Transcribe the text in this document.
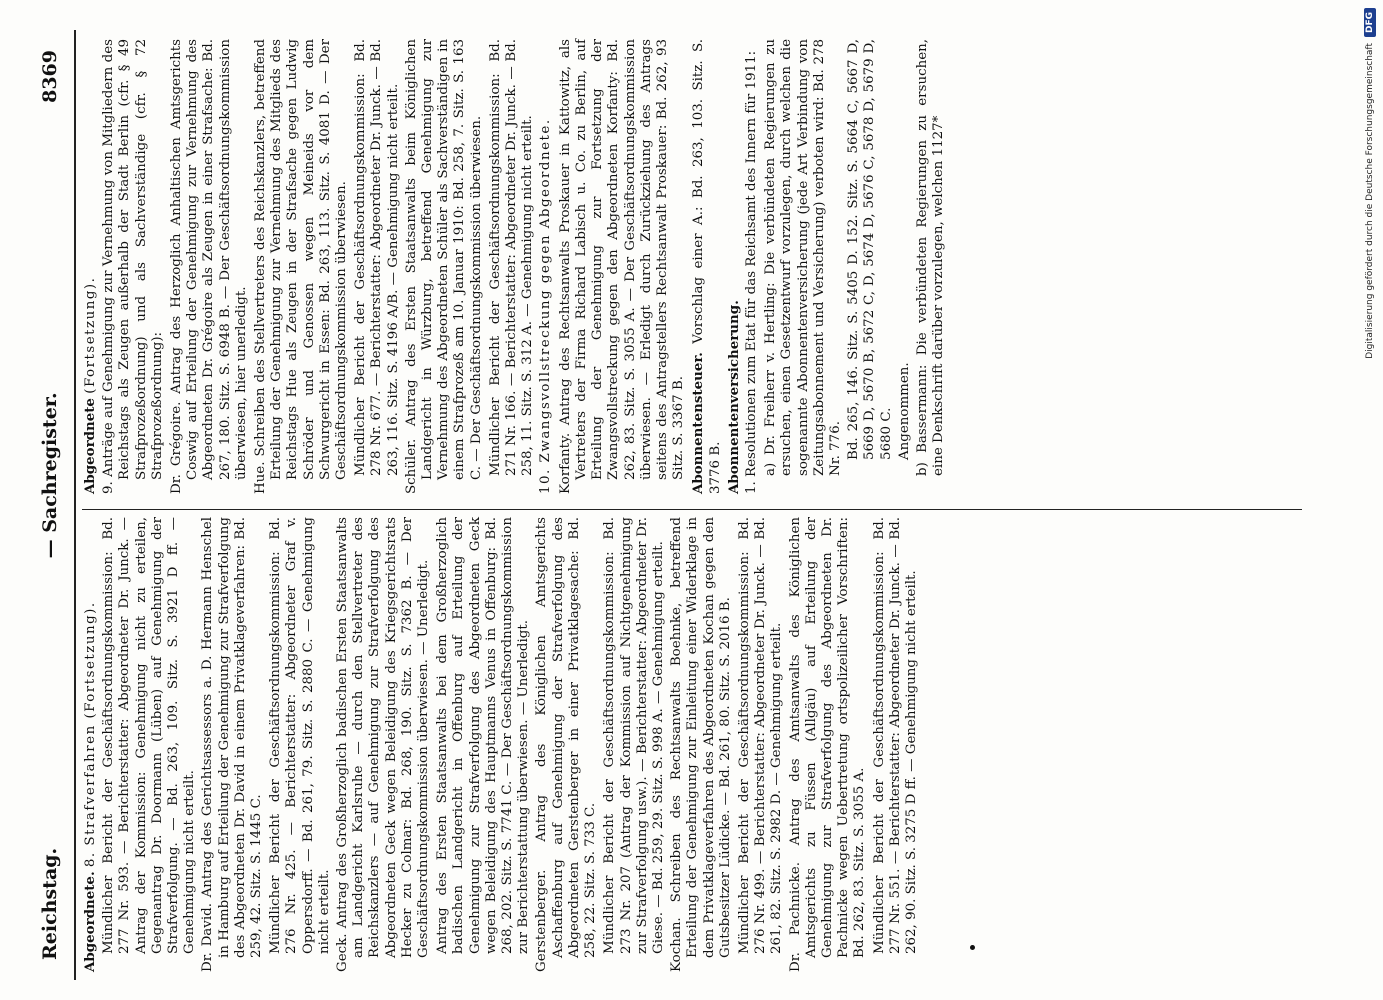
Reichstag.
— Sachregister.
8369

Abgeordnete. 8. Strafverfahren (Fortsetzung). Mündlicher Bericht der Geschäftsordnungskommission: Bd. 277 Nr. 593. — Berichterstatter: Abgeordneter Dr. Junck. — Antrag der Kommission: Genehmigung nicht zu erteilen, Gegenantrag Dr. Doormann (Lüben) auf Genehmigung der Strafverfolgung. — Bd. 263, 109. Sitz. S. 3921 D ff. — Genehmigung nicht erteilt. Dr. David. Antrag des Gerichtsassessors a. D. Hermann Henschel in Hamburg auf Erteilung der Genehmigung zur Strafverfolgung des Abgeordneten Dr. David in einem Privatklageverfahren: Bd. 259, 42. Sitz. S. 1445 C. Mündlicher Bericht der Geschäftsordnungskommission: Bd. 276 Nr. 425. — Berichterstatter: Abgeordneter Graf v. Oppersdorff. — Bd. 261, 79. Sitz. S. 2880 C. — Genehmigung nicht erteilt. Geck. Antrag des Großherzoglich badischen Ersten Staatsanwalts am Landgericht Karlsruhe — durch den Stellvertreter des Reichskanzlers — auf Genehmigung zur Strafverfolgung des Abgeordneten Geck wegen Beleidigung des Kriegsgerichtsrats Hecker zu Colmar: Bd. 268, 190. Sitz. S. 7362 B. — Der Geschäftsordnungskommission überwiesen. — Unerledigt. Antrag des Ersten Staatsanwalts bei dem Großherzoglich badischen Landgericht in Offenburg auf Erteilung der Genehmigung zur Strafverfolgung des Abgeordneten Geck wegen Beleidigung des Hauptmanns Venus in Offenburg: Bd. 268, 202. Sitz. S. 7741 C. — Der Geschäftsordnungskommission zur Berichterstattung überwiesen. — Unerledigt. Gerstenberger. Antrag des Königlichen Amtsgerichts Aschaffenburg auf Genehmigung der Strafverfolgung des Abgeordneten Gerstenberger in einer Privatklagesache: Bd. 258, 22. Sitz. S. 733 C. Mündlicher Bericht der Geschäftsordnungskommission: Bd. 273 Nr. 207 (Antrag der Kommission auf Nichtgenehmigung zur Strafverfolgung usw.). — Berichterstatter: Abgeordneter Dr. Giese. — Bd. 259, 29. Sitz. S. 998 A. — Genehmigung erteilt. Kochan. Schreiben des Rechtsanwalts Boehnke, betreffend Erteilung der Genehmigung zur Einleitung einer Widerklage in dem Privatklageverfahren des Abgeordneten Kochan gegen den Gutsbesitzer Lüdicke. — Bd. 261, 80. Sitz. S. 2016 B. Mündlicher Bericht der Geschäftsordnungskommission: Bd. 276 Nr. 499. — Berichterstatter: Abgeordneter Dr. Junck. — Bd. 261, 82. Sitz. S. 2982 D. — Genehmigung erteilt. Dr. Pachnicke. Antrag des Amtsanwalts des Königlichen Amtsgerichts zu Füssen (Allgäu) auf Erteilung der Genehmigung zur Strafverfolgung des Abgeordneten Dr. Pachnicke wegen Uebertretung ortspolizeilicher Vorschriften: Bd. 262, 83. Sitz. S. 3055 A. Mündlicher Bericht der Geschäftsordnungskommission: Bd. 277 Nr. 551. — Berichterstatter: Abgeordneter Dr. Junck. — Bd. 262, 90. Sitz. S. 3275 D ff. — Genehmigung nicht erteilt.

Abgeordnete (Fortsetzung). 9. Anträge auf Genehmigung zur Vernehmung von Mitgliedern des Reichstags als Zeugen außerhalb der Stadt Berlin (cfr. § 49 Strafprozeßordnung) und als Sachverständige (cfr. § 72 Strafprozeßordnung): Dr. Grégoire. Antrag des Herzoglich Anhaltischen Amtsgerichts Coswig auf Erteilung der Genehmigung zur Vernehmung des Abgeordneten Dr. Grégoire als Zeugen in einer Strafsache: Bd. 267, 180. Sitz. S. 6948 B. — Der Geschäftsordnungskommission überwiesen, hier unerledigt. Hue. Schreiben des Stellvertreters des Reichskanzlers, betreffend Erteilung der Genehmigung zur Vernehmung des Mitglieds des Reichstags Hue als Zeugen in der Strafsache gegen Ludwig Schröder und Genossen wegen Meineids vor dem Schwurgericht in Essen: Bd. 263, 113. Sitz. S. 4081 D. — Der Geschäftsordnungskommission überwiesen. Mündlicher Bericht der Geschäftsordnungskommission: Bd. 278 Nr. 677. — Berichterstatter: Abgeordneter Dr. Junck. — Bd. 263, 116. Sitz. S. 4196 A/B. — Genehmigung nicht erteilt. Schüler. Antrag des Ersten Staatsanwalts beim Königlichen Landgericht in Würzburg, betreffend Genehmigung zur Vernehmung des Abgeordneten Schüler als Sachverständigen in einem Strafprozeß am 10. Januar 1910: Bd. 258, 7. Sitz. S. 163 C. — Der Geschäftsordnungskommission überwiesen. Mündlicher Bericht der Geschäftsordnungskommission: Bd. 271 Nr. 166. — Berichterstatter: Abgeordneter Dr. Junck. — Bd. 258, 11. Sitz. S. 312 A. — Genehmigung nicht erteilt. 10. Zwangsvollstreckung gegen Abgeordnete. Korfanty. Antrag des Rechtsanwalts Proskauer in Kattowitz, als Vertreters der Firma Richard Labisch u. Co. zu Berlin, auf Erteilung der Genehmigung zur Fortsetzung der Zwangsvollstreckung gegen den Abgeordneten Korfanty: Bd. 262, 83. Sitz. S. 3055 A. — Der Geschäftsordnungskommission überwiesen. — Erledigt durch Zurückziehung des Antrags seitens des Antragstellers Rechtsanwalt Proskauer: Bd. 262, 93 Sitz. S. 3367 B. Abonnentensteuer. Vorschlag einer A.: Bd. 263, 103. Sitz. S. 3776 B. Abonnentenversicherung. 1. Resolutionen zum Etat für das Reichsamt des Innern für 1911: a) Dr. Freiherr v. Hertling: Die verbündeten Regierungen zu ersuchen, einen Gesetzentwurf vorzulegen, durch welchen die sogenannte Abonnentenversicherung (jede Art Verbindung von Zeitungsabonnement und Versicherung) verboten wird: Bd. 278 Nr. 776. Bd. 265, 146. Sitz. S. 5405 D. 152. Sitz. S. 5664 C, 5667 D, 5669 D, 5670 B, 5672 C, D, 5674 D, 5676 C, 5678 D, 5679 D, 5680 C. Angenommen. b) Bassermann: Die verbündeten Regierungen zu ersuchen, eine Denkschrift darüber vorzulegen, welchen 1127*	Digitalisierung gefördert durch die Deutsche Forschungsgemeinschaft
DFG
